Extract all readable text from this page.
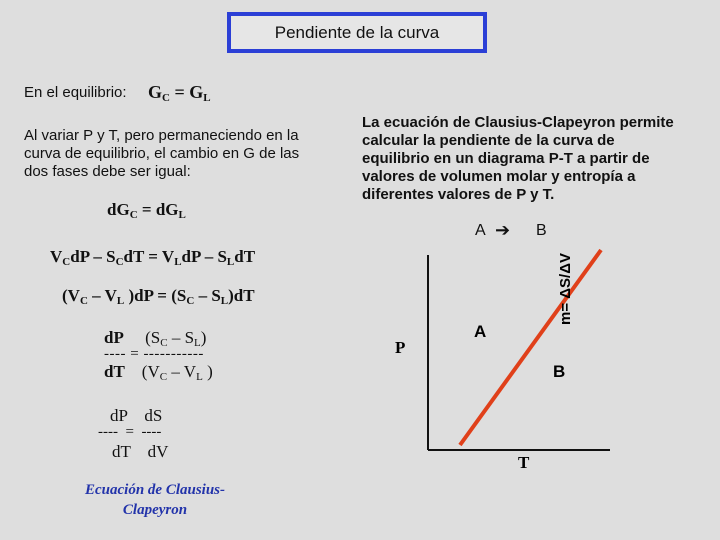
Pendiente de la curva
En el equilibrio: $G_C = G_L$
Al variar P y T, pero permaneciendo en la curva de equilibrio, el cambio en G de las dos fases debe ser igual:
$dG_C = dG_L$
La ecuación de Clausius-Clapeyron permite calcular la pendiente de la curva de equilibrio en un diagrama P-T a partir de valores de volumen molar y entropía a diferentes valores de P y T.
A ➔ B
$V_CdP - S_CdT = V_LdP - S_LdT$
($V_C - V_L$ )$dP = (S_C - S_L)dT$
dP $(S_C - S_L)$
---- = -----------
dT ($V_C - V_L$ )
dP    dS
----  =  ----
dT    dV
Ecuación de Clausius-Clapeyron
P
T
A
B
m= ΔS/ΔV
